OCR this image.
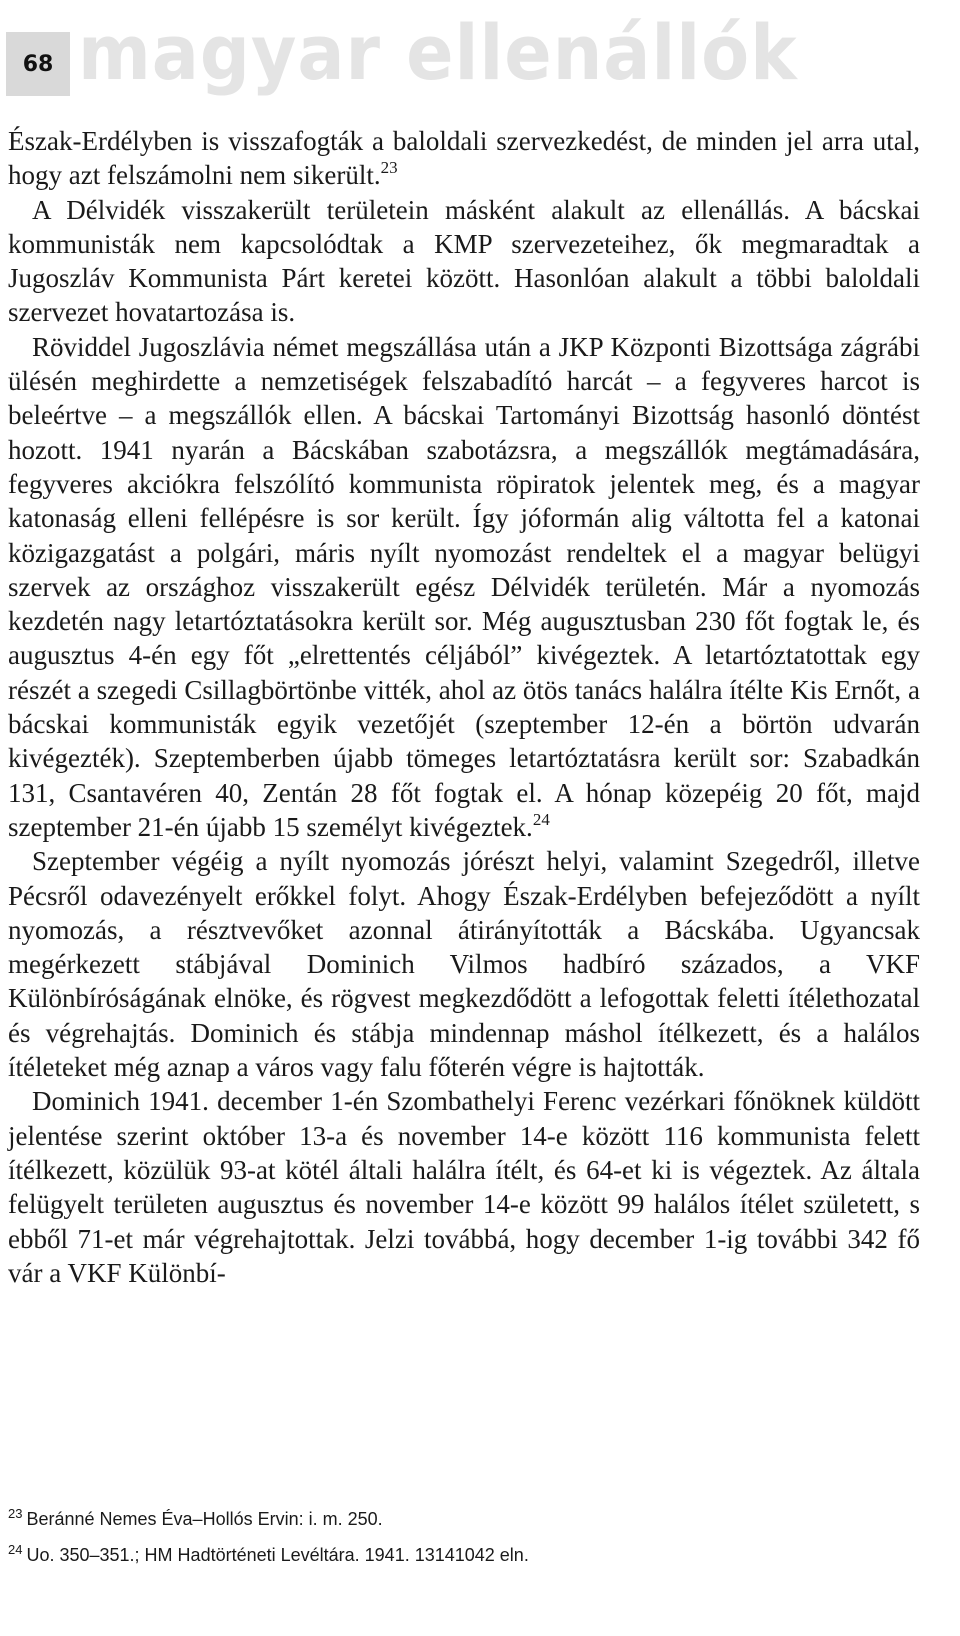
68 magyar ellenállók

Észak-Erdélyben is visszafogták a baloldali szervezkedést, de minden jel arra utal, hogy azt felszámolni nem sikerült.$^{23}$

A Délvidék visszakerült területein másként alakult az ellenállás. A bácskai kommunisták nem kapcsolódtak a KMP szervezeteihez, ők megmaradtak a Jugoszláv Kommunista Párt keretei között. Hasonlóan alakult a többi baloldali szervezet hovatartozása is.

Röviddel Jugoszlávia német megszállása után a JKP Központi Bizottsága zágrábi ülésén meghirdette a nemzetiségek felszabadító harcát – a fegyveres harcot is beleértve – a megszállók ellen. A bácskai Tartományi Bizottság hasonló döntést hozott. 1941 nyarán a Bácskában szabotázsra, a megszállók megtámadására, fegyveres akciókra felszólító kommunista röpiratok jelentek meg, és a magyar katonaság elleni fellépésre is sor került. Így jóformán alig váltotta fel a katonai közigazgatást a polgári, máris nyílt nyomozást rendeltek el a magyar belügyi szervek az országhoz visszakerült egész Délvidék területén. Már a nyomozás kezdetén nagy letartóztatásokra került sor. Még augusztusban 230 főt fogtak le, és augusztus 4-én egy főt „elrettentés céljából” kivégeztek. A letartóztatottak egy részét a szegedi Csillagbörtönbe vitték, ahol az ötös tanács halálra ítélte Kis Ernőt, a bácskai kommunisták egyik vezetőjét (szeptember 12-én a börtön udvarán kivégezték). Szeptemberben újabb tömeges letartóztatásra került sor: Szabadkán 131, Csantavéren 40, Zentán 28 főt fogtak el. A hónap közepéig 20 főt, majd szeptember 21-én újabb 15 személyt kivégeztek.$^{24}$

Szeptember végéig a nyílt nyomozás jórészt helyi, valamint Szegedről, illetve Pécsről odavezényelt erőkkel folyt. Ahogy Észak-Erdélyben befejeződött a nyílt nyomozás, a résztvevőket azonnal átirányították a Bácskába. Ugyancsak megérkezett stábjával Dominich Vilmos hadbíró százados, a VKF Különbíróságának elnöke, és rögvest megkezdődött a lefogottak feletti ítélethozatal és végrehajtás. Dominich és stábja mindennap máshol ítélkezett, és a halálos ítéleteket még aznap a város vagy falu főterén végre is hajtották.

Dominich 1941. december 1-én Szombathelyi Ferenc vezérkari főnöknek küldött jelentése szerint október 13-a és november 14-e között 116 kommunista felett ítélkezett, közülük 93-at kötél általi halálra ítélt, és 64-et ki is végeztek. Az általa felügyelt területen augusztus és november 14-e között 99 halálos ítélet született, s ebből 71-et már végrehajtottak. Jelzi továbbá, hogy december 1-ig további 342 fő vár a VKF Különbí-

$^{23}$ Beránné Nemes Éva–Hollós Ervin: i. m. 250.
$^{24}$ Uo. 350–351.; HM Hadtörténeti Levéltára. 1941. 13141042 eln.
